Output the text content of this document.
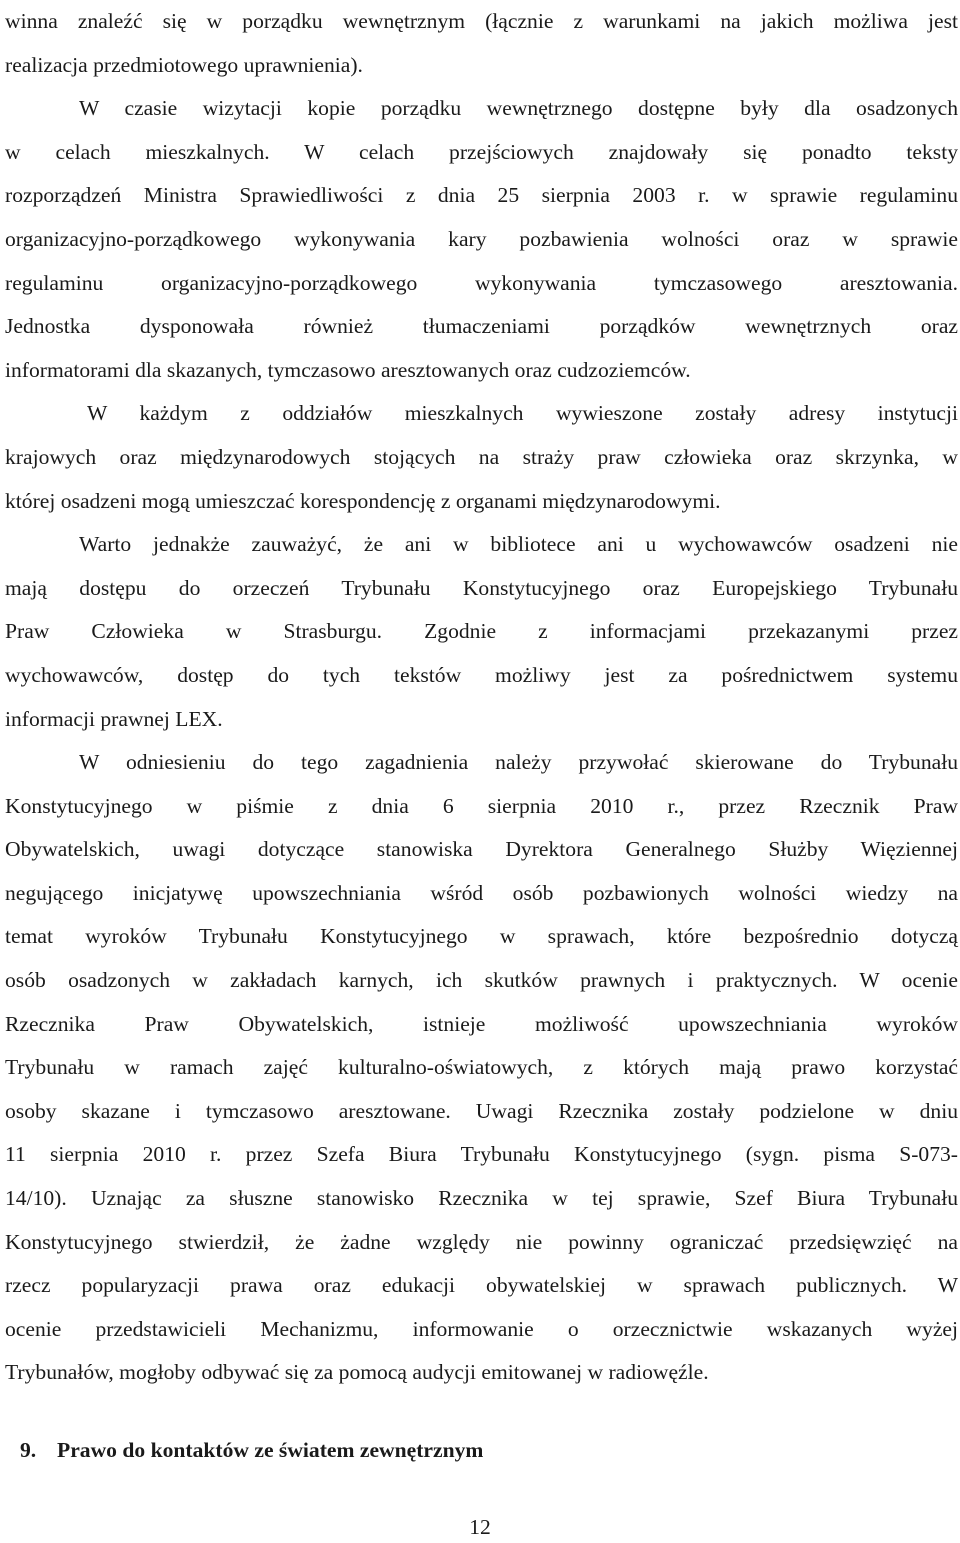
winna znaleźć się w porządku wewnętrznym (łącznie z warunkami na jakich możliwa jest
realizacja przedmiotowego uprawnienia).
W czasie wizytacji kopie porządku wewnętrznego dostępne były dla osadzonych
w celach mieszkalnych. W celach przejściowych znajdowały się ponadto teksty
rozporządzeń Ministra Sprawiedliwości z dnia 25 sierpnia 2003 r. w sprawie regulaminu
organizacyjno-porządkowego wykonywania kary pozbawienia wolności oraz w sprawie
regulaminu organizacyjno-porządkowego wykonywania tymczasowego aresztowania.
Jednostka dysponowała również tłumaczeniami porządków wewnętrznych oraz
informatorami dla skazanych, tymczasowo aresztowanych oraz cudzoziemców.
W każdym z oddziałów mieszkalnych wywieszone zostały adresy instytucji
krajowych oraz międzynarodowych stojących na straży praw człowieka oraz skrzynka, w
której osadzeni mogą umieszczać korespondencję z organami międzynarodowymi.
Warto jednakże zauważyć, że ani w bibliotece ani u wychowawców osadzeni nie
mają dostępu do orzeczeń Trybunału Konstytucyjnego oraz Europejskiego Trybunału
Praw Człowieka w Strasburgu. Zgodnie z informacjami przekazanymi przez
wychowawców, dostęp do tych tekstów możliwy jest za pośrednictwem systemu
informacji prawnej LEX.
W odniesieniu do tego zagadnienia należy przywołać skierowane do Trybunału
Konstytucyjnego w piśmie z dnia 6 sierpnia 2010 r., przez Rzecznik Praw
Obywatelskich, uwagi dotyczące stanowiska Dyrektora Generalnego Służby Więziennej
negującego inicjatywę upowszechniania wśród osób pozbawionych wolności wiedzy na
temat wyroków Trybunału Konstytucyjnego w sprawach, które bezpośrednio dotyczą
osób osadzonych w zakładach karnych, ich skutków prawnych i praktycznych. W ocenie
Rzecznika Praw Obywatelskich, istnieje możliwość upowszechniania wyroków
Trybunału w ramach zajęć kulturalno-oświatowych, z których mają prawo korzystać
osoby skazane i tymczasowo aresztowane. Uwagi Rzecznika zostały podzielone w dniu
11 sierpnia 2010 r. przez Szefa Biura Trybunału Konstytucyjnego (sygn. pisma S-073-
14/10). Uznając za słuszne stanowisko Rzecznika w tej sprawie, Szef Biura Trybunału
Konstytucyjnego stwierdził, że żadne względy nie powinny ograniczać przedsięwzięć na
rzecz popularyzacji prawa oraz edukacji obywatelskiej w sprawach publicznych. W
ocenie przedstawicieli Mechanizmu, informowanie o orzecznictwie wskazanych wyżej
Trybunałów, mogłoby odbywać się za pomocą audycji emitowanej w radiowęźle.
9. Prawo do kontaktów ze światem zewnętrznym
12
